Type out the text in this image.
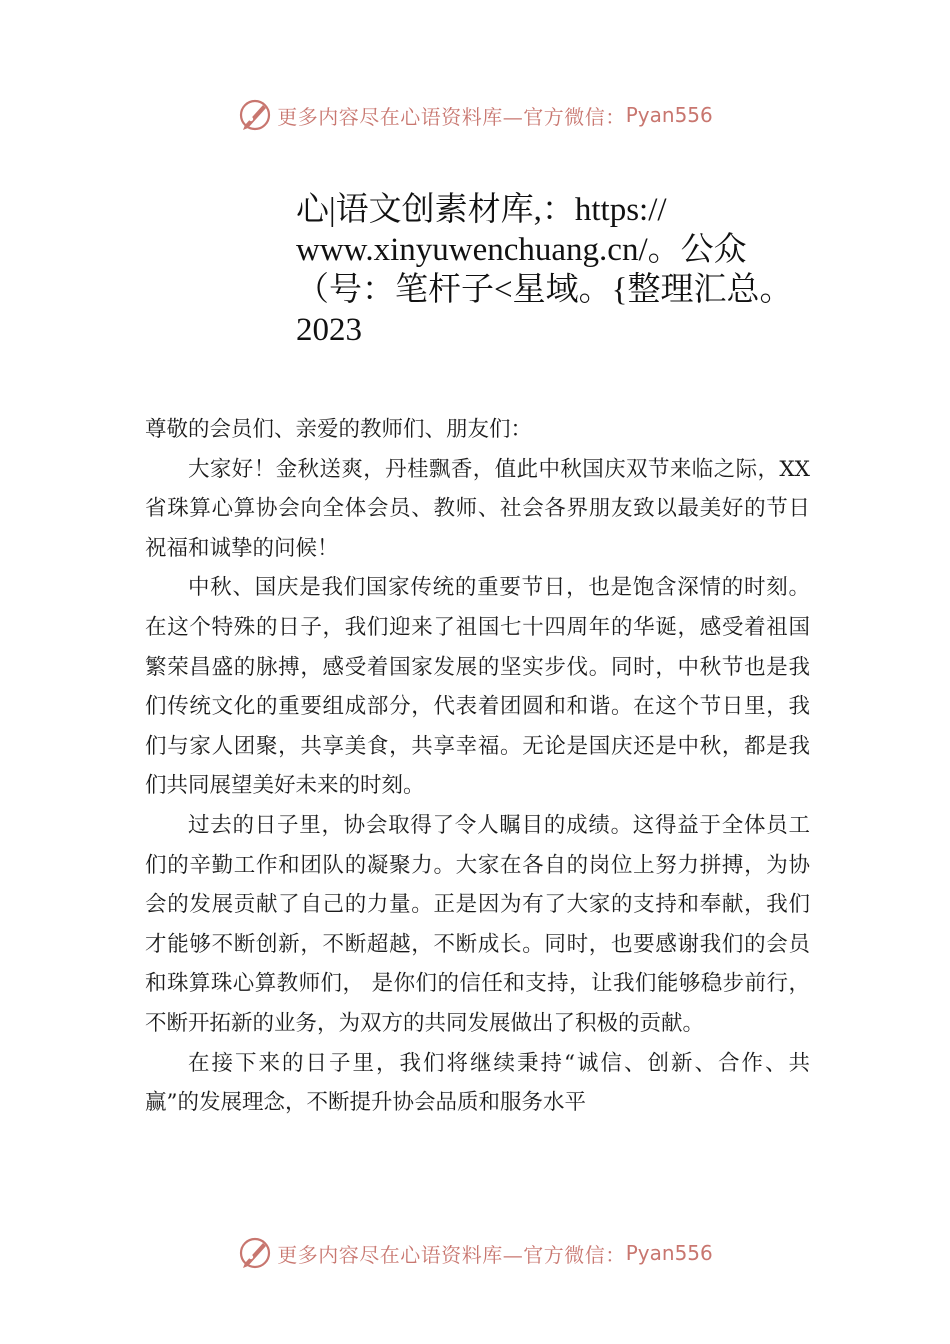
更多内容尽在心语资料库—官方微信： Pyan556
心|语文创素材库,：https://
www.xinyuwenchuang.cn/。公众
（号：笔杆子<星域。{整理汇总。
2023

尊敬的会员们、亲爱的教师们、朋友们：

大家好！金秋送爽，丹桂飘香，值此中秋国庆双节来临之际，XX 省珠算心算协会向全体会员、教师、社会各界朋友致以最美好的节日祝福和诚挚的问候！

中秋、国庆是我们国家传统的重要节日，也是饱含深情的时刻。在这个特殊的日子，我们迎来了祖国七十四周年的华诞，感受着祖国繁荣昌盛的脉搏，感受着国家发展的坚实步伐。同时，中秋节也是我们传统文化的重要组成部分，代表着团圆和和谐。在这个节日里，我们与家人团聚，共享美食，共享幸福。无论是国庆还是中秋，都是我们共同展望美好未来的时刻。

过去的日子里，协会取得了令人瞩目的成绩。这得益于全体员工们的辛勤工作和团队的凝聚力。大家在各自的岗位上努力拼搏，为协会的发展贡献了自己的力量。正是因为有了大家的支持和奉献，我们才能够不断创新，不断超越，不断成长。同时，也要感谢我们的会员和珠算珠心算教师们， 是你们的信任和支持，让我们能够稳步前行，不断开拓新的业务，为双方的共同发展做出了积极的贡献。

在接下来的日子里，我们将继续秉持“诚信、创新、合作、共赢”的发展理念，不断提升协会品质和服务水平

更多内容尽在心语资料库—官方微信： Pyan556
